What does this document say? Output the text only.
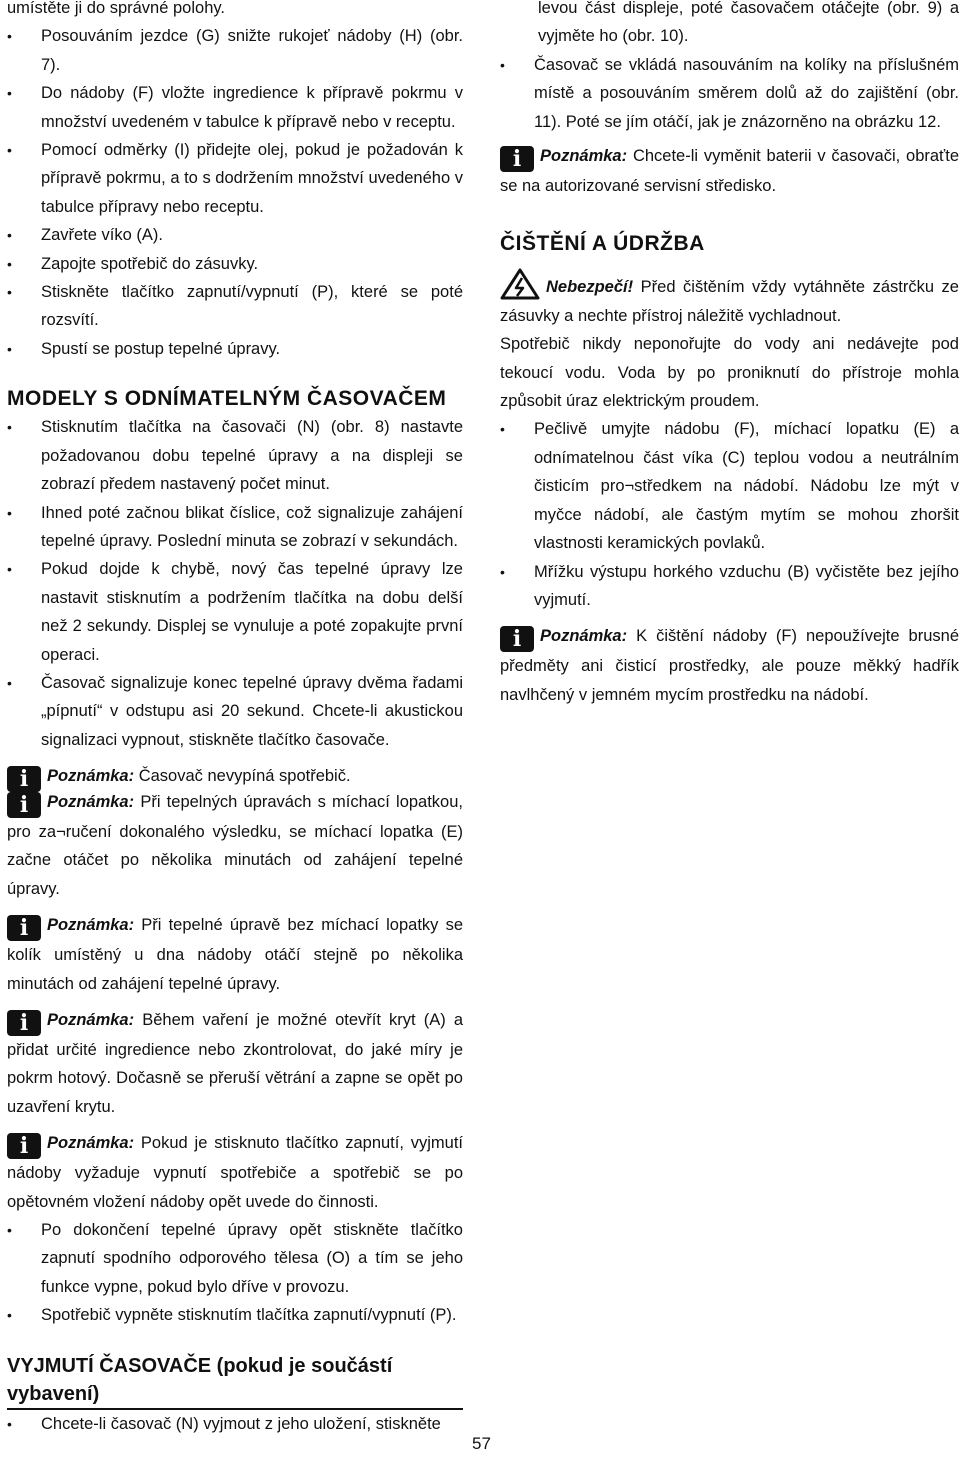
umístěte ji do správné polohy.

• Posouváním jezdce (G) snižte rukojeť nádoby (H) (obr. 7).
• Do nádoby (F) vložte ingredience k přípravě pokrmu v množství uvedeném v tabulce k přípravě nebo v receptu.
• Pomocí odměrky (I) přidejte olej, pokud je požadován k přípravě pokrmu, a to s dodržením množství uvedeného v tabulce přípravy nebo receptu.
• Zavřete víko (A).
• Zapojte spotřebič do zásuvky.
• Stiskněte tlačítko zapnutí/vypnutí (P), které se poté rozsvítí.
• Spustí se postup tepelné úpravy.
MODELY S ODNÍMATELNÝM ČASOVAČEM
• Stisknutím tlačítka na časovači (N) (obr. 8) nastavte požadovanou dobu tepelné úpravy a na displeji se zobrazí předem nastavený počet minut.
• Ihned poté začnou blikat číslice, což signalizuje zahájení tepelné úpravy. Poslední minuta se zobrazí v sekundách.
• Pokud dojde k chybě, nový čas tepelné úpravy lze nastavit stisknutím a podržením tlačítka na dobu delší než 2 sekundy. Displej se vynuluje a poté zopakujte první operaci.
• Časovač signalizuje konec tepelné úpravy dvěma řadami „pípnutí“ v odstupu asi 20 sekund. Chcete-li akustickou signalizaci vypnout, stiskněte tlačítko časovače.

i Poznámka: Časovač nevypíná spotřebič.

i Poznámka: Při tepelných úpravách s míchací lopatkou, pro za¬ručení dokonalého výsledku, se míchací lopatka (E) začne otáčet po několika minutách od zahájení tepelné úpravy.

i Poznámka: Při tepelné úpravě bez míchací lopatky se kolík umístěný u dna nádoby otáčí stejně po několika minutách od zahájení tepelné úpravy.

i Poznámka: Během vaření je možné otevřít kryt (A) a přidat určité ingredience nebo zkontrolovat, do jaké míry je pokrm hotový. Dočasně se přeruší větrání a zapne se opět po uzavření krytu.

i Poznámka: Pokud je stisknuto tlačítko zapnutí, vyjmutí nádoby vyžaduje vypnutí spotřebiče a spotřebič se po opětovném vložení nádoby opět uvede do činnosti.

• Po dokončení tepelné úpravy opět stiskněte tlačítko zapnutí spodního odporového tělesa (O) a tím se jeho funkce vypne, pokud bylo dříve v provozu.
• Spotřebič vypněte stisknutím tlačítka zapnutí/vypnutí (P).
VYJMUTÍ ČASOVAČE (pokud je součástí vybavení)
• Chcete-li časovač (N) vyjmout z jeho uložení, stiskněte

levou část displeje, poté časovačem otáčejte (obr. 9) a vyjměte ho (obr. 10).

• Časovač se vkládá nasouváním na kolíky na příslušném místě a posouváním směrem dolů až do zajištění (obr. 11). Poté se jím otáčí, jak je znázorněno na obrázku 12.

i Poznámka: Chcete-li vyměnit baterii v časovači, obraťte se na autorizované servisní středisko.

ČIŠTĚNÍ A ÚDRŽBA

Nebezpečí! Před čištěním vždy vytáhněte zástrčku ze zásuvky a nechte přístroj náležitě vychladnout.

Spotřebič nikdy neponořujte do vody ani nedávejte pod tekoucí vodu. Voda by po proniknutí do přístroje mohla způsobit úraz elektrickým proudem.

• Pečlivě umyjte nádobu (F), míchací lopatku (E) a odnímatelnou část víka (C) teplou vodou a neutrálním čisticím pro¬středkem na nádobí. Nádobu lze mýt v myčce nádobí, ale častým mytím se mohou zhoršit vlastnosti keramických povlaků.
• Mřížku výstupu horkého vzduchu (B) vyčistěte bez jejího vyjmutí.

i Poznámka: K čištění nádoby (F) nepoužívejte brusné předměty ani čisticí prostředky, ale pouze měkký hadřík navlhčený v jemném mycím prostředku na nádobí.

57
